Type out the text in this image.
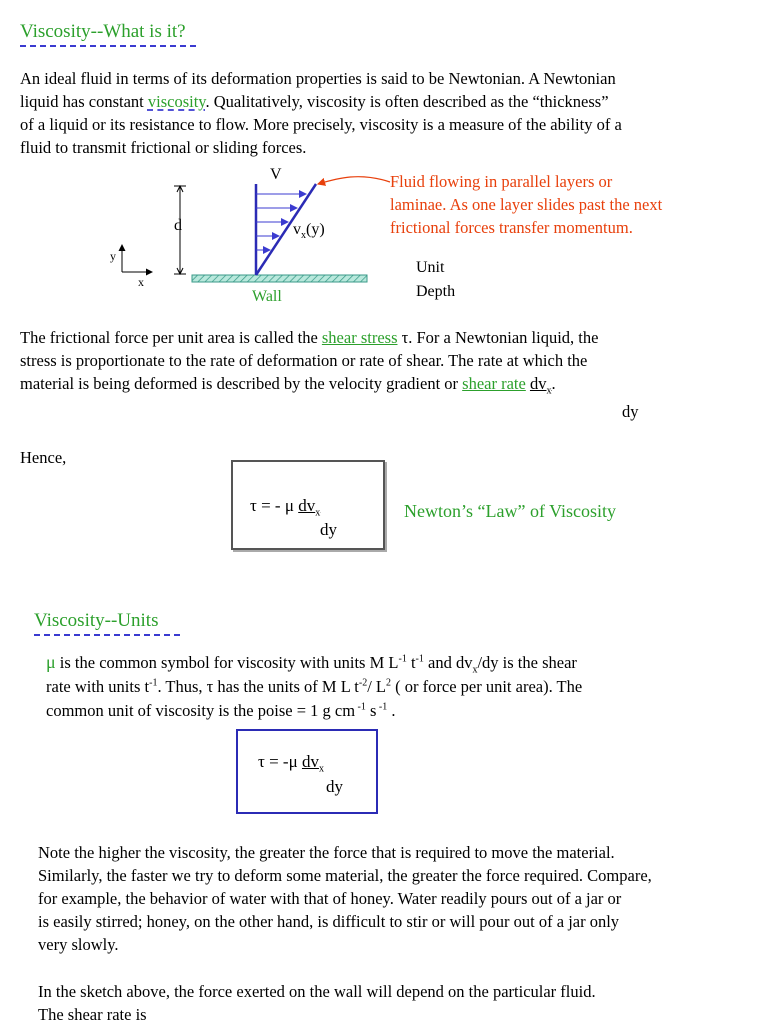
Viscosity--What is it?

An ideal fluid in terms of its deformation properties is said to be Newtonian. A Newtonian

liquid has constant viscosity. Qualitatively, viscosity is often described as the “thickness”

of a liquid or its resistance to flow. More precisely, viscosity is a measure of the ability of a

fluid to transmit frictional or sliding forces.

V
d	$v_x(y)$
y
x
Wall
Unit
Depth

Fluid flowing in parallel layers or

laminae. As one layer slides past the next

frictional forces transfer momentum.

The frictional force per unit area is called the shear stress τ. For a Newtonian liquid, the

stress is proportionate to the rate of deformation or rate of shear. The rate at which the

material is being deformed is described by the velocity gradient or shear rate $dv_x$.

dy
Hence,
τ = - μ $dv_x$
dy
Newton’s “Law” of Viscosity
Viscosity--Units

μ is the common symbol for viscosity with units M $L^{-1}$ $t^{-1}$ and $dv_x/dy$ is the shear

rate with units $t^{-1}$. Thus, τ has the units of M L $t^{-2}/$ $L^2$ ( or force per unit area). The

common unit of viscosity is the poise = 1 g cm $^{-1}$ s $^{-1}$ .

τ = -μ $dv_x$
dy

Note the higher the viscosity, the greater the force that is required to move the material.

Similarly, the faster we try to deform some material, the greater the force required. Compare,

for example, the behavior of water with that of honey. Water readily pours out of a jar or

is easily stirred; honey, on the other hand, is difficult to stir or will pour out of a jar only

very slowly.

In the sketch above, the force exerted on the wall will depend on the particular fluid.

The shear rate is
